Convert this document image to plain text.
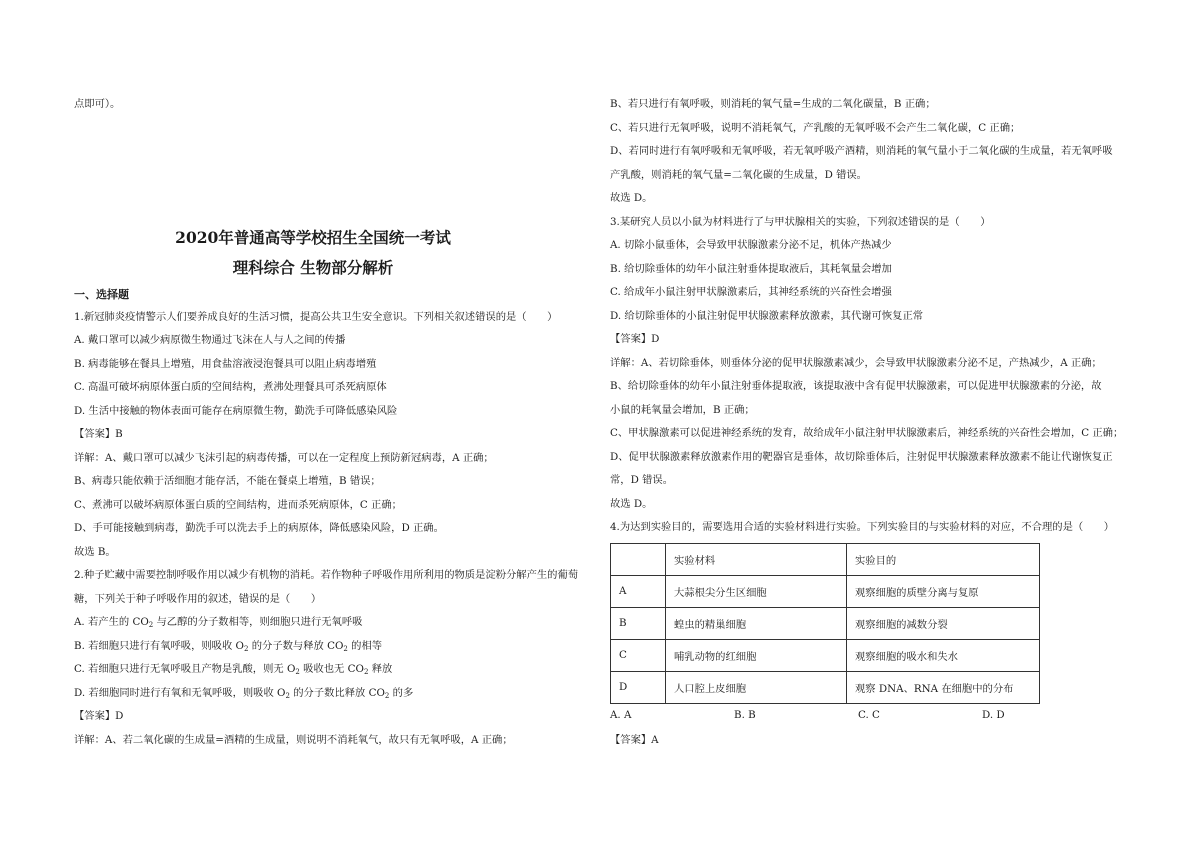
点即可）。
2020年普通高等学校招生全国统一考试
理科综合 生物部分解析
一、选择题
1.新冠肺炎疫情警示人们要养成良好的生活习惯，提高公共卫生安全意识。下列相关叙述错误的是（　　）
A. 戴口罩可以减少病原微生物通过飞沫在人与人之间的传播
B. 病毒能够在餐具上增殖，用食盐溶液浸泡餐具可以阻止病毒增殖
C. 高温可破坏病原体蛋白质的空间结构，煮沸处理餐具可杀死病原体
D. 生活中接触的物体表面可能存在病原微生物，勤洗手可降低感染风险
【答案】B
详解：A、戴口罩可以减少飞沫引起的病毒传播，可以在一定程度上预防新冠病毒，A 正确；
B、病毒只能依赖于活细胞才能存活，不能在餐桌上增殖，B 错误；
C、煮沸可以破坏病原体蛋白质的空间结构，进而杀死病原体，C 正确；
D、手可能接触到病毒，勤洗手可以洗去手上的病原体，降低感染风险，D 正确。
故选 B。
2.种子贮藏中需要控制呼吸作用以减少有机物的消耗。若作物种子呼吸作用所利用的物质是淀粉分解产生的葡萄
糖，下列关于种子呼吸作用的叙述，错误的是（　　）
A. 若产生的 $CO_2$ 与乙醇的分子数相等，则细胞只进行无氧呼吸
B. 若细胞只进行有氧呼吸，则吸收 $O_2$ 的分子数与释放 $CO_2$ 的相等
C. 若细胞只进行无氧呼吸且产物是乳酸，则无 $O_2$ 吸收也无 $CO_2$ 释放
D. 若细胞同时进行有氧和无氧呼吸，则吸收 $O_2$ 的分子数比释放 $CO_2$ 的多
【答案】D
详解：A、若二氧化碳的生成量=酒精的生成量，则说明不消耗氧气，故只有无氧呼吸，A 正确；
B、若只进行有氧呼吸，则消耗的氧气量=生成的二氧化碳量，B 正确；
C、若只进行无氧呼吸，说明不消耗氧气，产乳酸的无氧呼吸不会产生二氧化碳，C 正确；
D、若同时进行有氧呼吸和无氧呼吸，若无氧呼吸产酒精，则消耗的氧气量小于二氧化碳的生成量，若无氧呼吸
产乳酸，则消耗的氧气量=二氧化碳的生成量，D 错误。
故选 D。
3.某研究人员以小鼠为材料进行了与甲状腺相关的实验，下列叙述错误的是（　　）
A. 切除小鼠垂体，会导致甲状腺激素分泌不足，机体产热减少
B. 给切除垂体的幼年小鼠注射垂体提取液后，其耗氧量会增加
C. 给成年小鼠注射甲状腺激素后，其神经系统的兴奋性会增强
D. 给切除垂体的小鼠注射促甲状腺激素释放激素，其代谢可恢复正常
【答案】D
详解：A、若切除垂体，则垂体分泌的促甲状腺激素减少，会导致甲状腺激素分泌不足，产热减少，A 正确；
B、给切除垂体的幼年小鼠注射垂体提取液，该提取液中含有促甲状腺激素，可以促进甲状腺激素的分泌，故
小鼠的耗氧量会增加，B 正确；
C、甲状腺激素可以促进神经系统的发育，故给成年小鼠注射甲状腺激素后，神经系统的兴奋性会增加，C 正确；
D、促甲状腺激素释放激素作用的靶器官是垂体，故切除垂体后，注射促甲状腺激素释放激素不能让代谢恢复正
常，D 错误。
故选 D。
4.为达到实验目的，需要选用合适的实验材料进行实验。下列实验目的与实验材料的对应，不合理的是（　　）
	实验材料	实验目的
A	大蒜根尖分生区细胞	观察细胞的质壁分离与复原
B	蝗虫的精巢细胞	观察细胞的减数分裂
C	哺乳动物的红细胞	观察细胞的吸水和失水
D	人口腔上皮细胞	观察 DNA、RNA 在细胞中的分布
A. A	B. B	C. C	D. D
【答案】A
